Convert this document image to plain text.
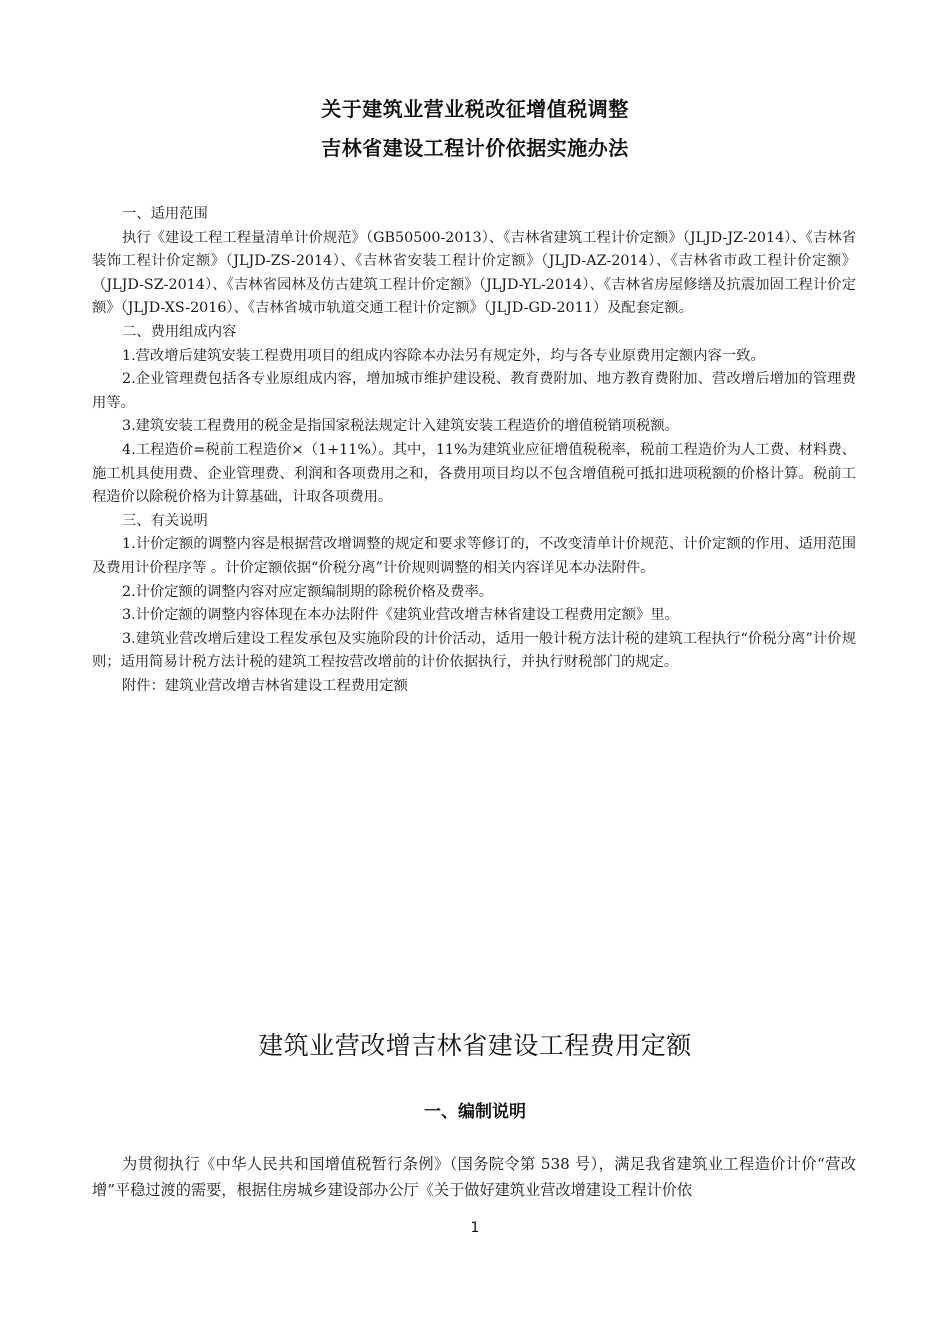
关于建筑业营业税改征增值税调整
吉林省建设工程计价依据实施办法

一、适用范围

执行《建设工程工程量清单计价规范》（GB50500-2013）、《吉林省建筑工程计价定额》（JLJD-JZ-2014）、《吉林省装饰工程计价定额》（JLJD-ZS-2014）、《吉林省安装工程计价定额》（JLJD-AZ-2014）、《吉林省市政工程计价定额》（JLJD-SZ-2014）、《吉林省园林及仿古建筑工程计价定额》（JLJD-YL-2014）、《吉林省房屋修缮及抗震加固工程计价定额》（JLJD-XS-2016）、《吉林省城市轨道交通工程计价定额》（JLJD-GD-2011）及配套定额。

二、费用组成内容

1.营改增后建筑安装工程费用项目的组成内容除本办法另有规定外，均与各专业原费用定额内容一致。

2.企业管理费包括各专业原组成内容，增加城市维护建设税、教育费附加、地方教育费附加、营改增后增加的管理费用等。

3.建筑安装工程费用的税金是指国家税法规定计入建筑安装工程造价的增值税销项税额。

4.工程造价=税前工程造价×（1+11%）。其中，11%为建筑业应征增值税税率，税前工程造价为人工费、材料费、施工机具使用费、企业管理费、利润和各项费用之和，各费用项目均以不包含增值税可抵扣进项税额的价格计算。税前工程造价以除税价格为计算基础，计取各项费用。

三、有关说明

1.计价定额的调整内容是根据营改增调整的规定和要求等修订的，不改变清单计价规范、计价定额的作用、适用范围及费用计价程序等 。计价定额依据“价税分离”计价规则调整的相关内容详见本办法附件。

2.计价定额的调整内容对应定额编制期的除税价格及费率。

3.计价定额的调整内容体现在本办法附件《建筑业营改增吉林省建设工程费用定额》里。

3.建筑业营改增后建设工程发承包及实施阶段的计价活动，适用一般计税方法计税的建筑工程执行“价税分离”计价规则；适用简易计税方法计税的建筑工程按营改增前的计价依据执行，并执行财税部门的规定。

附件：建筑业营改增吉林省建设工程费用定额

建筑业营改增吉林省建设工程费用定额
一、编制说明

为贯彻执行《中华人民共和国增值税暂行条例》（国务院令第 538 号），满足我省建筑业工程造价计价“营改增”平稳过渡的需要，根据住房城乡建设部办公厅《关于做好建筑业营改增建设工程计价依

1
